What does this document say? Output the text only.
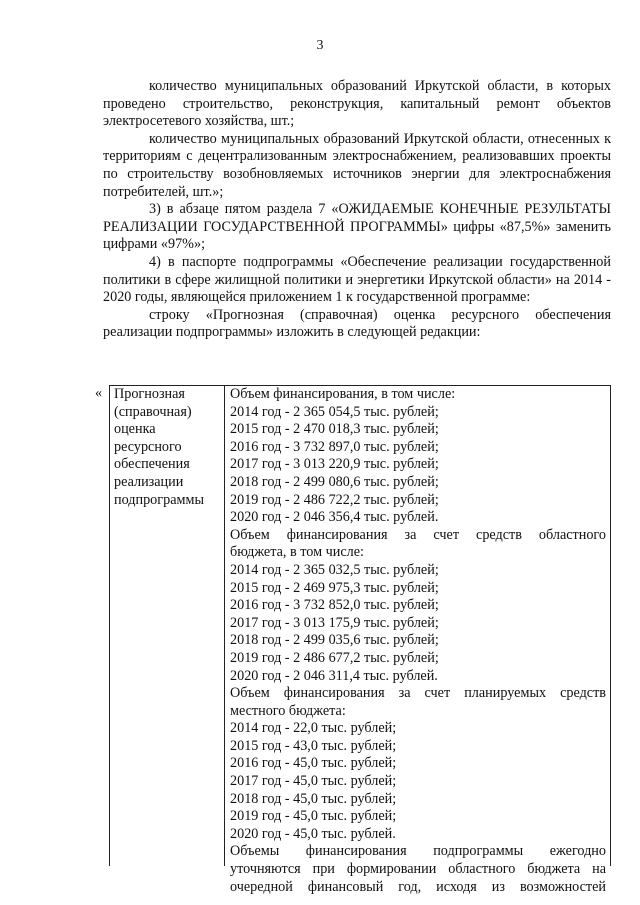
3

количество муниципальных образований Иркутской области, в которых проведено строительство, реконструкция, капитальный ремонт объектов электросетевого хозяйства, шт.;

количество муниципальных образований Иркутской области, отнесенных к территориям с децентрализованным электроснабжением, реализовавших проекты по строительству возобновляемых источников энергии для электроснабжения потребителей, шт.»;

3) в абзаце пятом раздела 7 «ОЖИДАЕМЫЕ КОНЕЧНЫЕ РЕЗУЛЬТАТЫ РЕАЛИЗАЦИИ ГОСУДАРСТВЕННОЙ ПРОГРАММЫ» цифры «87,5%» заменить цифрами «97%»;

4) в паспорте подпрограммы «Обеспечение реализации государственной политики в сфере жилищной политики и энергетики Иркутской области» на 2014 - 2020 годы, являющейся приложением 1 к государственной программе:

строку «Прогнозная (справочная) оценка ресурсного обеспечения реализации подпрограммы» изложить в следующей редакции:

« Прогнозная
(справочная)
оценка
ресурсного
обеспечения
реализации
подпрограммы
Объем финансирования, в том числе:
2014 год - 2 365 054,5 тыс. рублей;
2015 год - 2 470 018,3 тыс. рублей;
2016 год - 3 732 897,0 тыс. рублей;
2017 год - 3 013 220,9 тыс. рублей;
2018 год - 2 499 080,6 тыс. рублей;
2019 год - 2 486 722,2 тыс. рублей;
2020 год - 2 046 356,4 тыс. рублей.
Объем финансирования за счет средств областного
бюджета, в том числе:
2014 год - 2 365 032,5 тыс. рублей;
2015 год - 2 469 975,3 тыс. рублей;
2016 год - 3 732 852,0 тыс. рублей;
2017 год - 3 013 175,9 тыс. рублей;
2018 год - 2 499 035,6 тыс. рублей;
2019 год - 2 486 677,2 тыс. рублей;
2020 год - 2 046 311,4 тыс. рублей.
Объем финансирования за счет планируемых средств
местного бюджета:
2014 год - 22,0 тыс. рублей;
2015 год - 43,0 тыс. рублей;
2016 год - 45,0 тыс. рублей;
2017 год - 45,0 тыс. рублей;
2018 год - 45,0 тыс. рублей;
2019 год - 45,0 тыс. рублей;
2020 год - 45,0 тыс. рублей.
Объемы финансирования подпрограммы ежегодно
уточняются при формировании областного бюджета на
очередной финансовый год, исходя из возможностей
